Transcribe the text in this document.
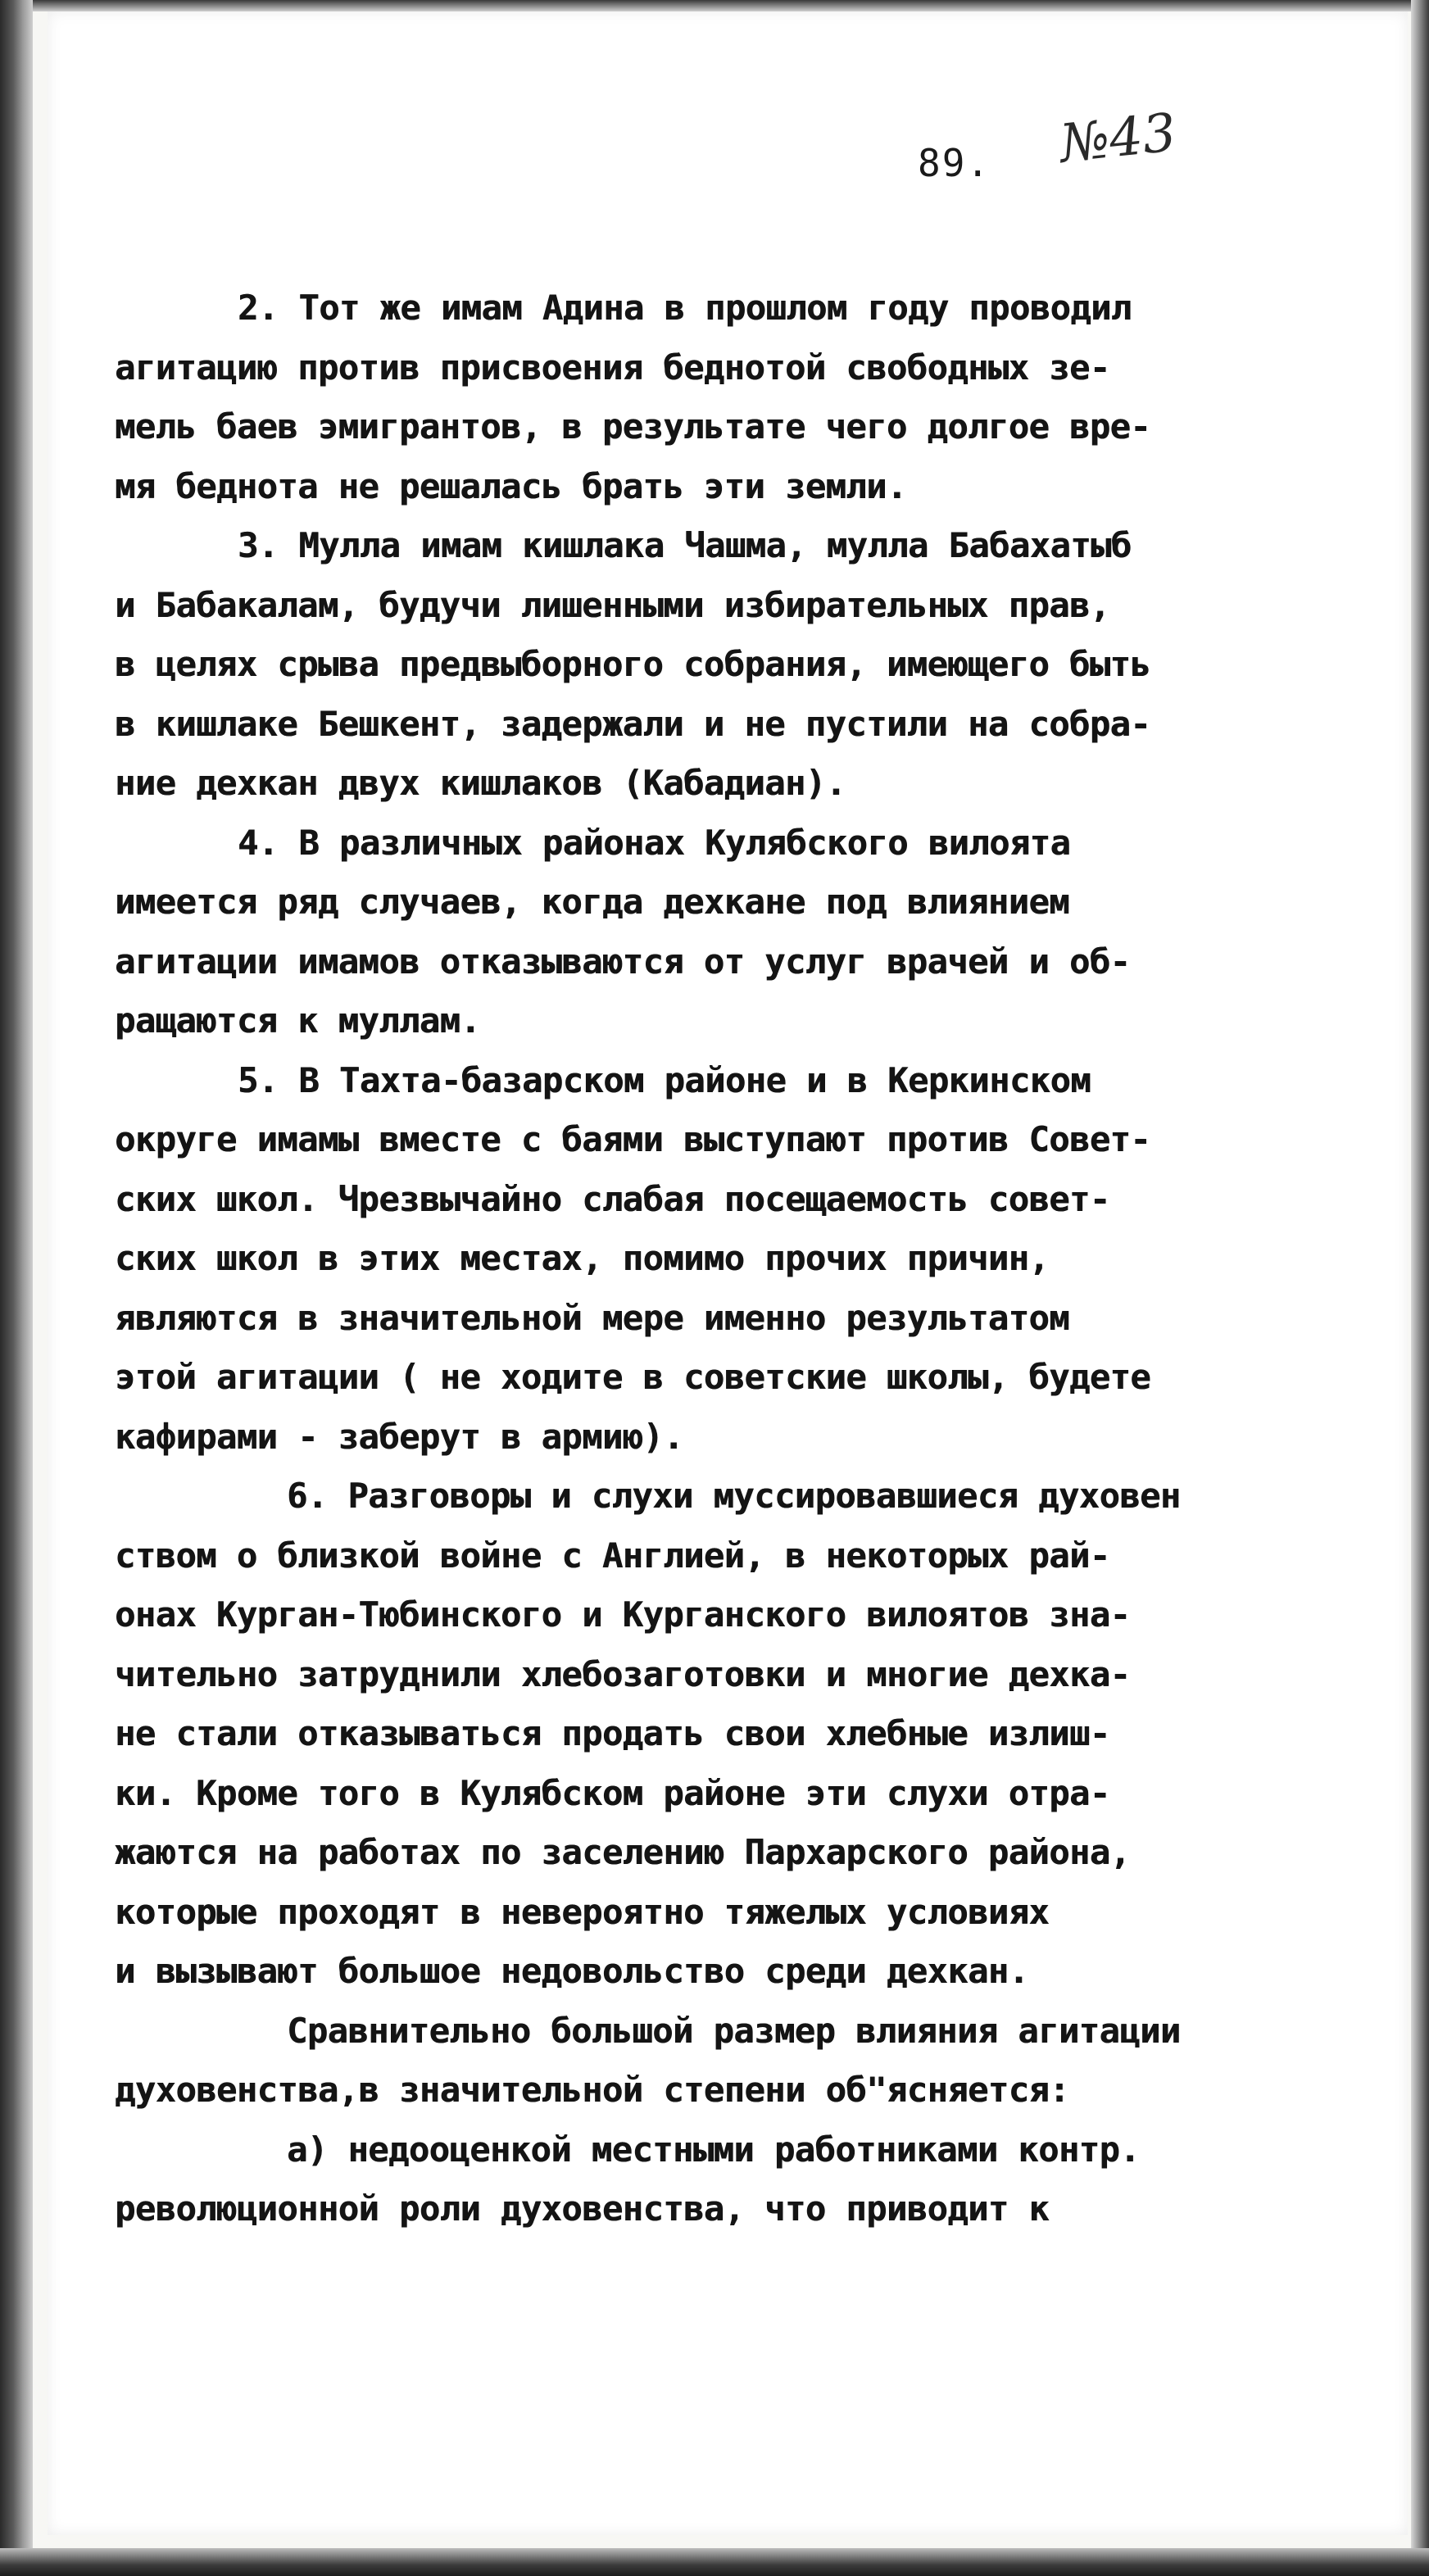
89. №43
2. Тот же имам Адина в прошлом году проводил
агитацию против присвоения беднотой свободных зе-
мель баев эмигрантов, в результате чего долгое вре-
мя беднота не решалась брать эти земли.
3. Мулла имам кишлака Чашма, мулла Бабахатыб
и Бабакалам, будучи лишенными избирательных прав,
в целях срыва предвыборного собрания, имеющего быть
в кишлаке Бешкент, задержали и не пустили на собра-
ние дехкан двух кишлаков (Кабадиан).
4. В различных районах Кулябского вилоята
имеется ряд случаев, когда дехкане под влиянием
агитации имамов отказываются от услуг врачей и об-
ращаются к муллам.
5. В Тахта-базарском районе и в Керкинском
округе имамы вместе с баями выступают против Совет-
ских школ. Чрезвычайно слабая посещаемость совет-
ских школ в этих местах, помимо прочих причин,
являются в значительной мере именно результатом
этой агитации ( не ходите в советские школы, будете
кафирами - заберут в армию).
6. Разговоры и слухи муссировавшиеся духовен
ством о близкой войне с Англией, в некоторых рай-
онах Курган-Тюбинского и Курганского вилоятов зна-
чительно затруднили хлебозаготовки и многие дехка-
не стали отказываться продать свои хлебные излиш-
ки. Кроме того в Кулябском районе эти слухи отра-
жаются на работах по заселению Пархарского района,
которые проходят в невероятно тяжелых условиях
и вызывают большое недовольство среди дехкан.
Сравнительно большой размер влияния агитации
духовенства,в значительной степени об"ясняется:
а) недооценкой местными работниками контр.
революционной роли духовенства, что приводит к
